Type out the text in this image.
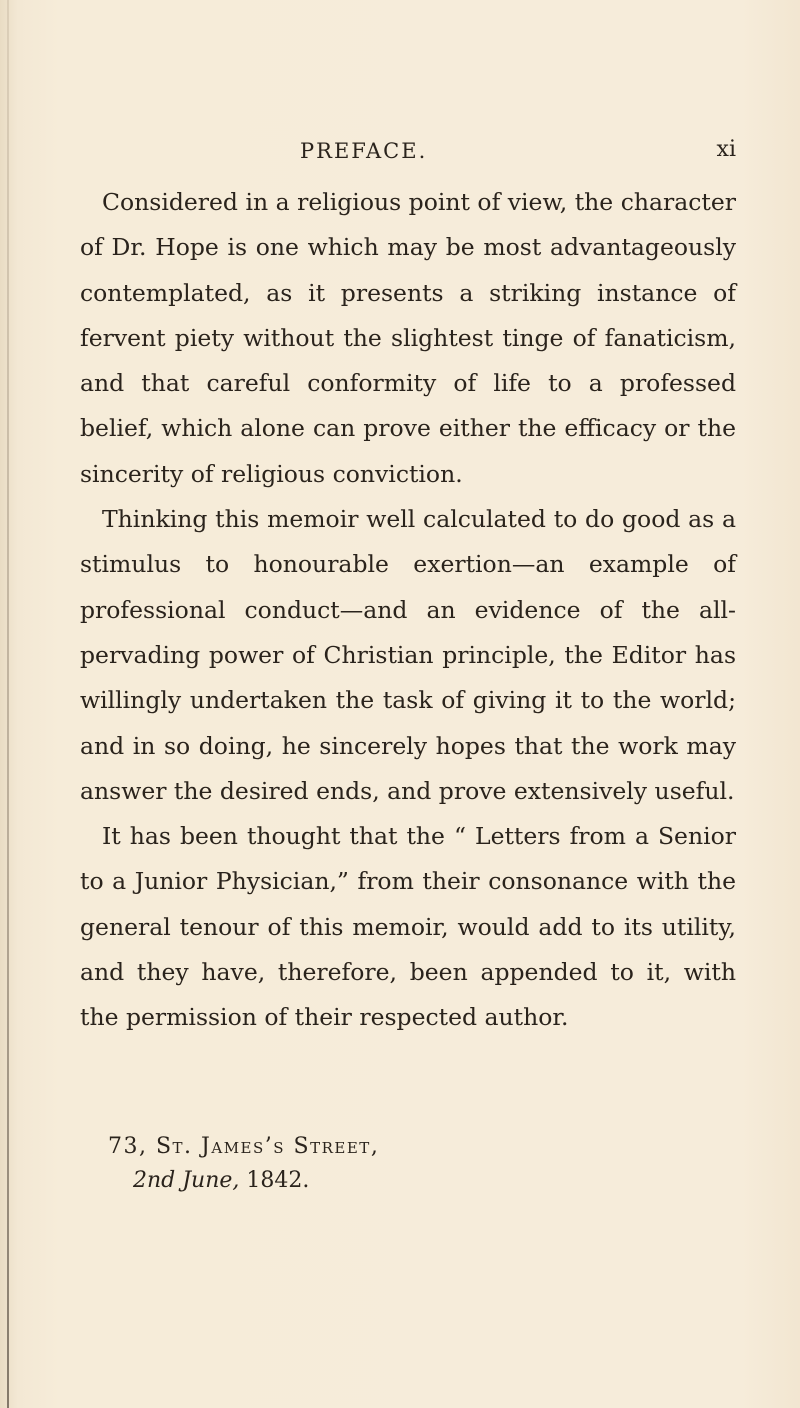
PREFACE.	xi

Considered in a religious point of view, the character of Dr. Hope is one which may be most advantageously contemplated, as it presents a striking instance of fervent piety without the slightest tinge of fanaticism, and that careful conformity of life to a professed belief, which alone can prove either the efficacy or the sincerity of religious conviction.

Thinking this memoir well calculated to do good as a stimulus to honourable exertion—an example of professional conduct—and an evidence of the all-pervading power of Christian principle, the Editor has willingly undertaken the task of giving it to the world; and in so doing, he sincerely hopes that the work may answer the desired ends, and prove extensively useful.

It has been thought that the “ Letters from a Senior to a Junior Physician,” from their consonance with the general tenour of this memoir, would add to its utility, and they have, therefore, been appended to it, with the permission of their respected author.

73, St. James’s Street,
2nd June, 1842.
